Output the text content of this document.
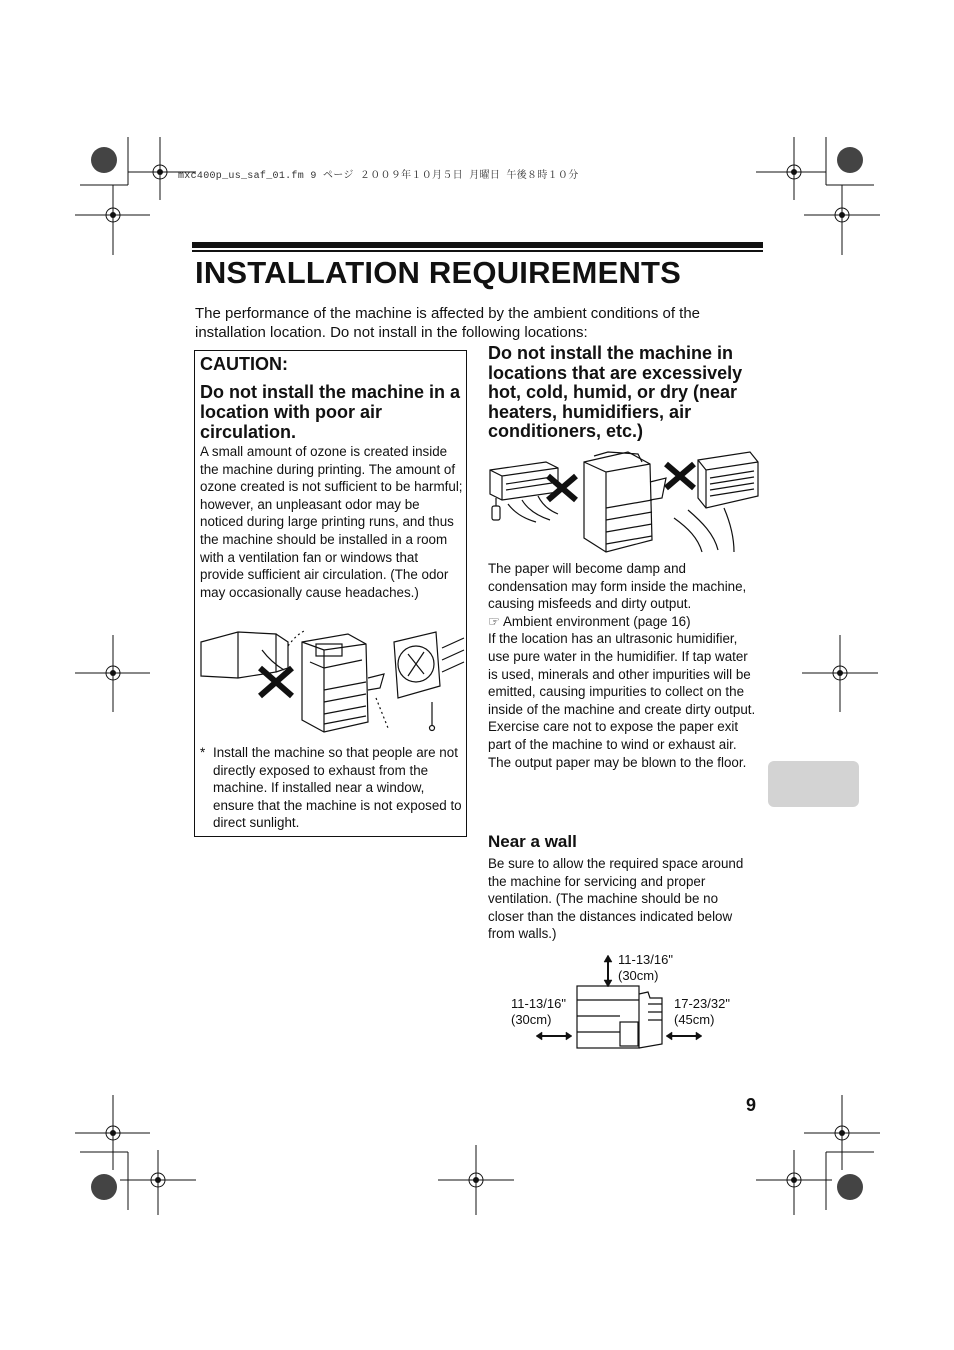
mxc400p_us_saf_01.fm 9 ページ ２００９年１０月５日 月曜日 午後８時１０分
INSTALLATION REQUIREMENTS

The performance of the machine is affected by the ambient conditions of the installation location. Do not install in the following locations:

CAUTION:
Do not install the machine in a location with poor air circulation.

A small amount of ozone is created inside the machine during printing. The amount of ozone created is not sufficient to be harmful; however, an unpleasant odor may be noticed during large printing runs, and thus the machine should be installed in a room with a ventilation fan or windows that provide sufficient air circulation. (The odor may occasionally cause headaches.)

* Install the machine so that people are not directly exposed to exhaust from the machine. If installed near a window, ensure that the machine is not exposed to direct sunlight.
Do not install the machine in locations that are excessively hot, cold, humid, or dry (near heaters, humidifiers, air conditioners, etc.)

The paper will become damp and condensation may form inside the machine, causing misfeeds and dirty output.

☞ Ambient environment (page 16)

If the location has an ultrasonic humidifier, use pure water in the humidifier. If tap water is used, minerals and other impurities will be emitted, causing impurities to collect on the inside of the machine and create dirty output.

Exercise care not to expose the paper exit part of the machine to wind or exhaust air. The output paper may be blown to the floor.

Near a wall

Be sure to allow the required space around the machine for servicing and proper ventilation. (The machine should be no closer than the distances indicated below from walls.)

11-13/16"
(30cm)
11-13/16"
(30cm)
17-23/32"
(45cm)
9
